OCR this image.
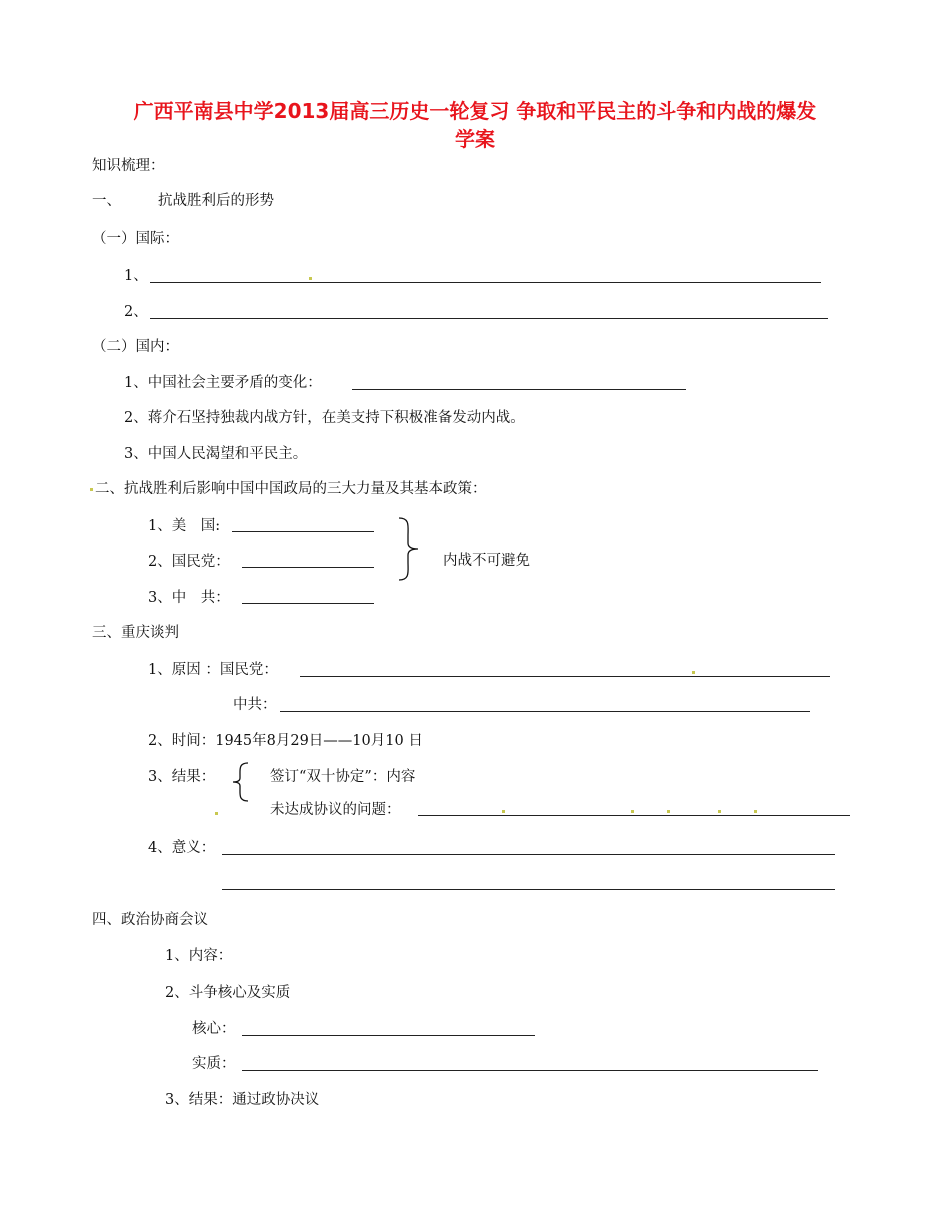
广西平南县中学2013届高三历史一轮复习 争取和平民主的斗争和内战的爆发
学案
知识梳理：
一、	抗战胜利后的形势
（一）国际：
1、
2、
（二）国内：
1、中国社会主要矛盾的变化：
2、蒋介石坚持独裁内战方针，在美支持下积极准备发动内战。
3、中国人民渴望和平民主。
二、抗战胜利后影响中国中国政局的三大力量及其基本政策：
1、美　国:
2、国民党：
3、中　共：
内战不可避免
三、重庆谈判
1、原因 ：国民党：
中共：
2、时间：1945年8月29日——10月10 日
3、结果：	签订“双十协定”：内容
未达成协议的问题：
4、意义：
四、政治协商会议
1、内容：
2、斗争核心及实质
核心：
实质：
3、结果：通过政协决议
